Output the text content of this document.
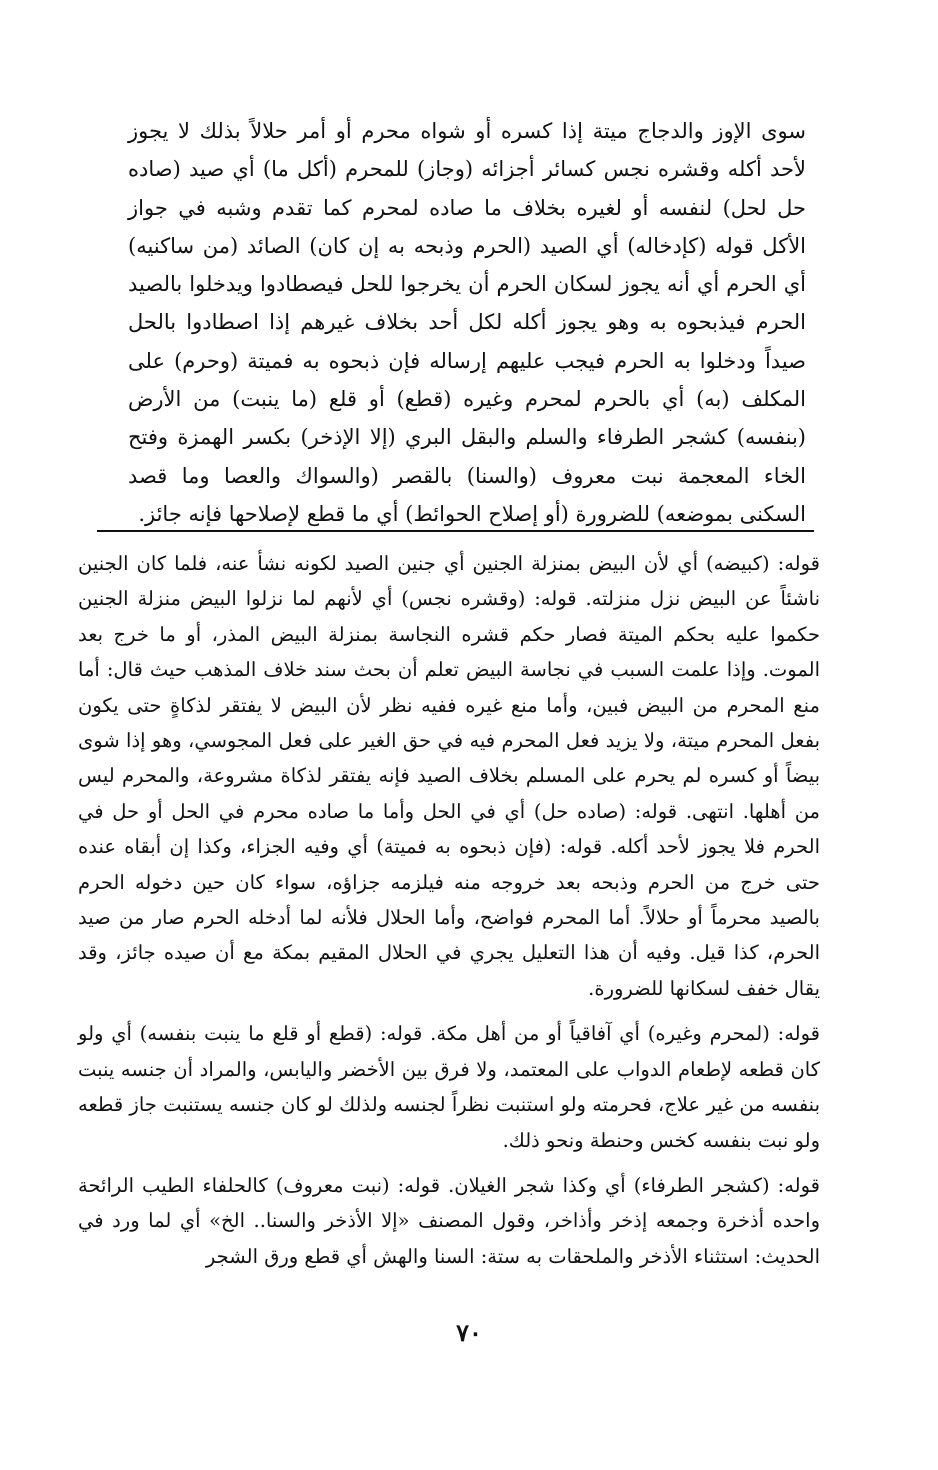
سوى الإوز والدجاج ميتة إذا كسره أو شواه محرم أو أمر حلالاً بذلك لا يجوز لأحد أكله وقشره نجس كسائر أجزائه (وجاز) للمحرم (أكل ما) أي صيد (صاده حل لحل) لنفسه أو لغيره بخلاف ما صاده لمحرم كما تقدم وشبه في جواز الأكل قوله (كإدخاله) أي الصيد (الحرم وذبحه به إن كان) الصائد (من ساكنيه) أي الحرم أي أنه يجوز لسكان الحرم أن يخرجوا للحل فيصطادوا ويدخلوا بالصيد الحرم فيذبحوه به وهو يجوز أكله لكل أحد بخلاف غيرهم إذا اصطادوا بالحل صيداً ودخلوا به الحرم فيجب عليهم إرساله فإن ذبحوه به فميتة (وحرم) على المكلف (به) أي بالحرم لمحرم وغيره (قطع) أو قلع (ما ينبت) من الأرض (بنفسه) كشجر الطرفاء والسلم والبقل البري (إلا الإذخر) بكسر الهمزة وفتح الخاء المعجمة نبت معروف (والسنا) بالقصر (والسواك والعصا وما قصد السكنى بموضعه) للضرورة (أو إصلاح الحوائط) أي ما قطع لإصلاحها فإنه جائز.

قوله: (كبيضه) أي لأن البيض بمنزلة الجنين أي جنين الصيد لكونه نشأ عنه، فلما كان الجنين ناشئاً عن البيض نزل منزلته. قوله: (وقشره نجس) أي لأنهم لما نزلوا البيض منزلة الجنين حكموا عليه بحكم الميتة فصار حكم قشره النجاسة بمنزلة البيض المذر، أو ما خرج بعد الموت. وإذا علمت السبب في نجاسة البيض تعلم أن بحث سند خلاف المذهب حيث قال: أما منع المحرم من البيض فبين، وأما منع غيره ففيه نظر لأن البيض لا يفتقر لذكاةٍ حتى يكون بفعل المحرم ميتة، ولا يزيد فعل المحرم فيه في حق الغير على فعل المجوسي، وهو إذا شوى بيضاً أو كسره لم يحرم على المسلم بخلاف الصيد فإنه يفتقر لذكاة مشروعة، والمحرم ليس من أهلها. انتهى. قوله: (صاده حل) أي في الحل وأما ما صاده محرم في الحل أو حل في الحرم فلا يجوز لأحد أكله. قوله: (فإن ذبحوه به فميتة) أي وفيه الجزاء، وكذا إن أبقاه عنده حتى خرج من الحرم وذبحه بعد خروجه منه فيلزمه جزاؤه، سواء كان حين دخوله الحرم بالصيد محرماً أو حلالاً. أما المحرم فواضح، وأما الحلال فلأنه لما أدخله الحرم صار من صيد الحرم، كذا قيل. وفيه أن هذا التعليل يجري في الحلال المقيم بمكة مع أن صيده جائز، وقد يقال خفف لسكانها للضرورة.

قوله: (لمحرم وغيره) أي آفاقياً أو من أهل مكة. قوله: (قطع أو قلع ما ينبت بنفسه) أي ولو كان قطعه لإطعام الدواب على المعتمد، ولا فرق بين الأخضر واليابس، والمراد أن جنسه ينبت بنفسه من غير علاج، فحرمته ولو استنبت نظراً لجنسه ولذلك لو كان جنسه يستنبت جاز قطعه ولو نبت بنفسه كخس وحنطة ونحو ذلك.

قوله: (كشجر الطرفاء) أي وكذا شجر الغيلان. قوله: (نبت معروف) كالحلفاء الطيب الرائحة واحده أذخرة وجمعه إذخر وأذاخر، وقول المصنف «إلا الأذخر والسنا.. الخ» أي لما ورد في الحديث: استثناء الأذخر والملحقات به ستة: السنا والهش أي قطع ورق الشجر

٧٠
